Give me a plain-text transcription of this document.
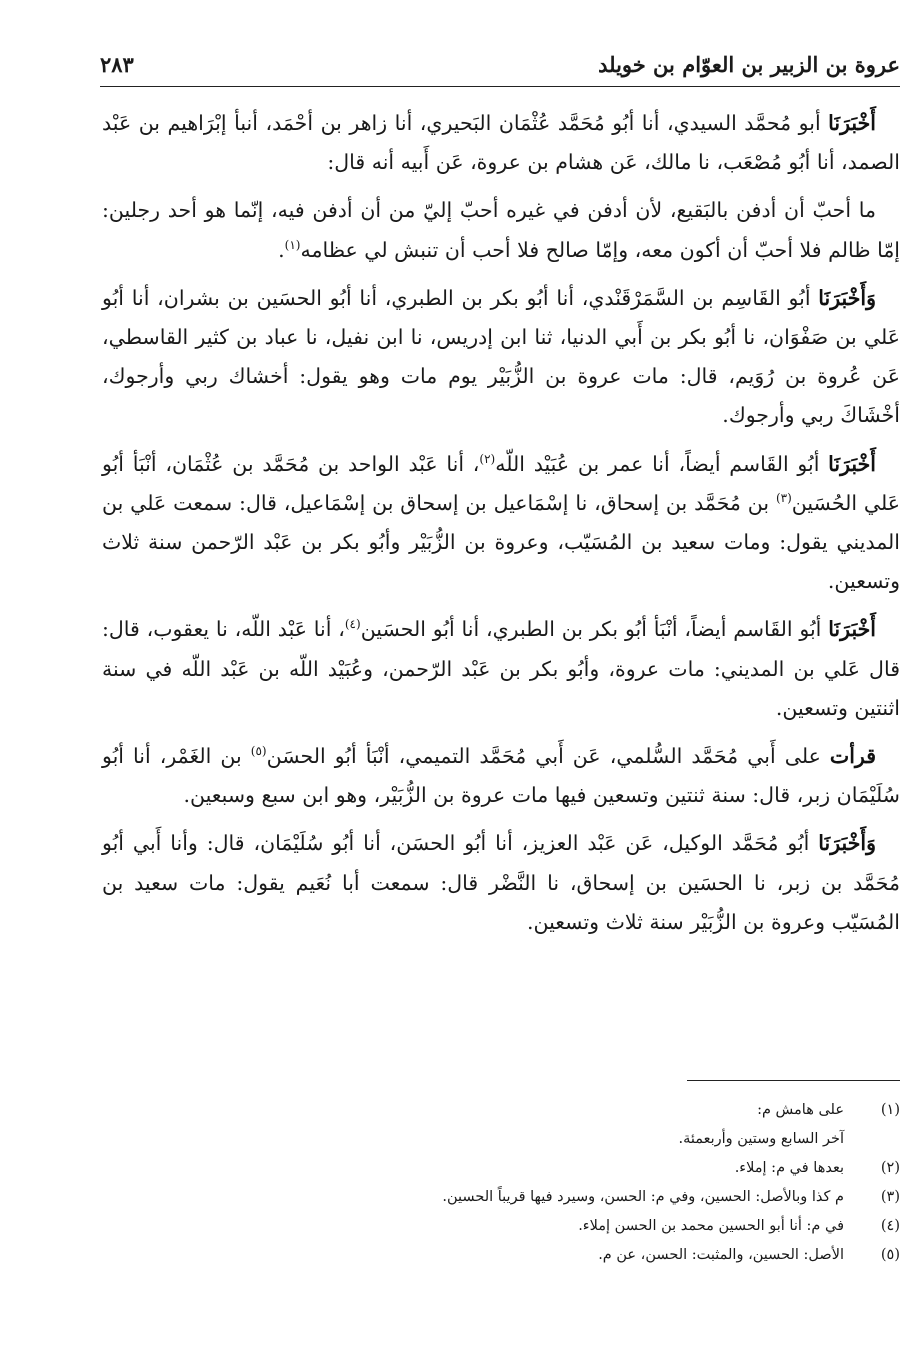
عروة بن الزبير بن العوّام بن خويلد
٢٨٣

أَخْبَرَنَا أبو مُحمَّد السيدي، أنا أبُو مُحَمَّد عُثْمَان البَحيري، أنا زاهر بن أحْمَد، أنبأ إبْرَاهيم بن عَبْد الصمد، أنا أبُو مُصْعَب، نا مالك، عَن هشام بن عروة، عَن أَبيه أنه قال:

ما أحبّ أن أدفن بالبَقيع، لأن أدفن في غيره أحبّ إليّ من أن أدفن فيه، إنّما هو أحد رجلين: إمّا ظالم فلا أحبّ أن أكون معه، وإمّا صالح فلا أحب أن تنبش لي عظامه$^{(١)}$.

وَأَخْبَرَنَا أبُو القَاسِم بن السَّمَرْقَنْدي، أنا أبُو بكر بن الطبري، أنا أبُو الحسَين بن بشران، أنا أبُو عَلي بن صَفْوَان، نا أبُو بكر بن أَبي الدنيا، ثنا ابن إدريس، نا ابن نفيل، نا عباد بن كثير القاسطي، عَن عُروة بن رُوَيم، قال: مات عروة بن الزُّبَيْر يوم مات وهو يقول: أخشاك ربي وأرجوك، أخْشَاكَ ربي وأرجوك.

أَخْبَرَنَا أبُو القَاسم أيضاً، أنا عمر بن عُبَيْد اللّه$^{(٢)}$، أنا عَبْد الواحد بن مُحَمَّد بن عُثْمَان، أنْبَأ أبُو عَلي الحُسَين$^{(٣)}$ بن مُحَمَّد بن إسحاق، نا إسْمَاعيل بن إسحاق بن إسْمَاعيل، قال: سمعت عَلي بن المديني يقول: ومات سعيد بن المُسَيّب، وعروة بن الزُّبَيْر وأبُو بكر بن عَبْد الرّحمن سنة ثلاث وتسعين.

أَخْبَرَنَا أبُو القَاسم أيضاً، أنْبَأ أبُو بكر بن الطبري، أنا أبُو الحسَين$^{(٤)}$، أنا عَبْد اللّه، نا يعقوب، قال: قال عَلي بن المديني: مات عروة، وأبُو بكر بن عَبْد الرّحمن، وعُبَيْد اللّه بن عَبْد اللّه في سنة اثنتين وتسعين.

قرأت على أَبي مُحَمَّد السُّلمي، عَن أَبي مُحَمَّد التميمي، أنْبَأ أبُو الحسَن$^{(٥)}$ بن الغَمْر، أنا أبُو سُلَيْمَان زبر، قال: سنة ثنتين وتسعين فيها مات عروة بن الزُّبَيْر، وهو ابن سبع وسبعين.

وَأَخْبَرَنَا أبُو مُحَمَّد الوكيل، عَن عَبْد العزيز، أنا أبُو الحسَن، أنا أبُو سُلَيْمَان، قال: وأنا أَبي أبُو مُحَمَّد بن زبر، نا الحسَين بن إسحاق، نا النَّضْر قال: سمعت أبا نُعَيم يقول: مات سعيد بن المُسَيّب وعروة بن الزُّبَيْر سنة ثلاث وتسعين.

(١)
على هامش م:
آخر السابع وستين وأربعمئة.
(٢)
بعدها في م: إملاء.
(٣)
م كذا وبالأصل: الحسين، وفي م: الحسن، وسيرد فيها قريباً الحسين.
(٤)
في م: أنا أبو الحسين محمد بن الحسن إملاء.
(٥)
الأصل: الحسين، والمثبت: الحسن، عن م.
